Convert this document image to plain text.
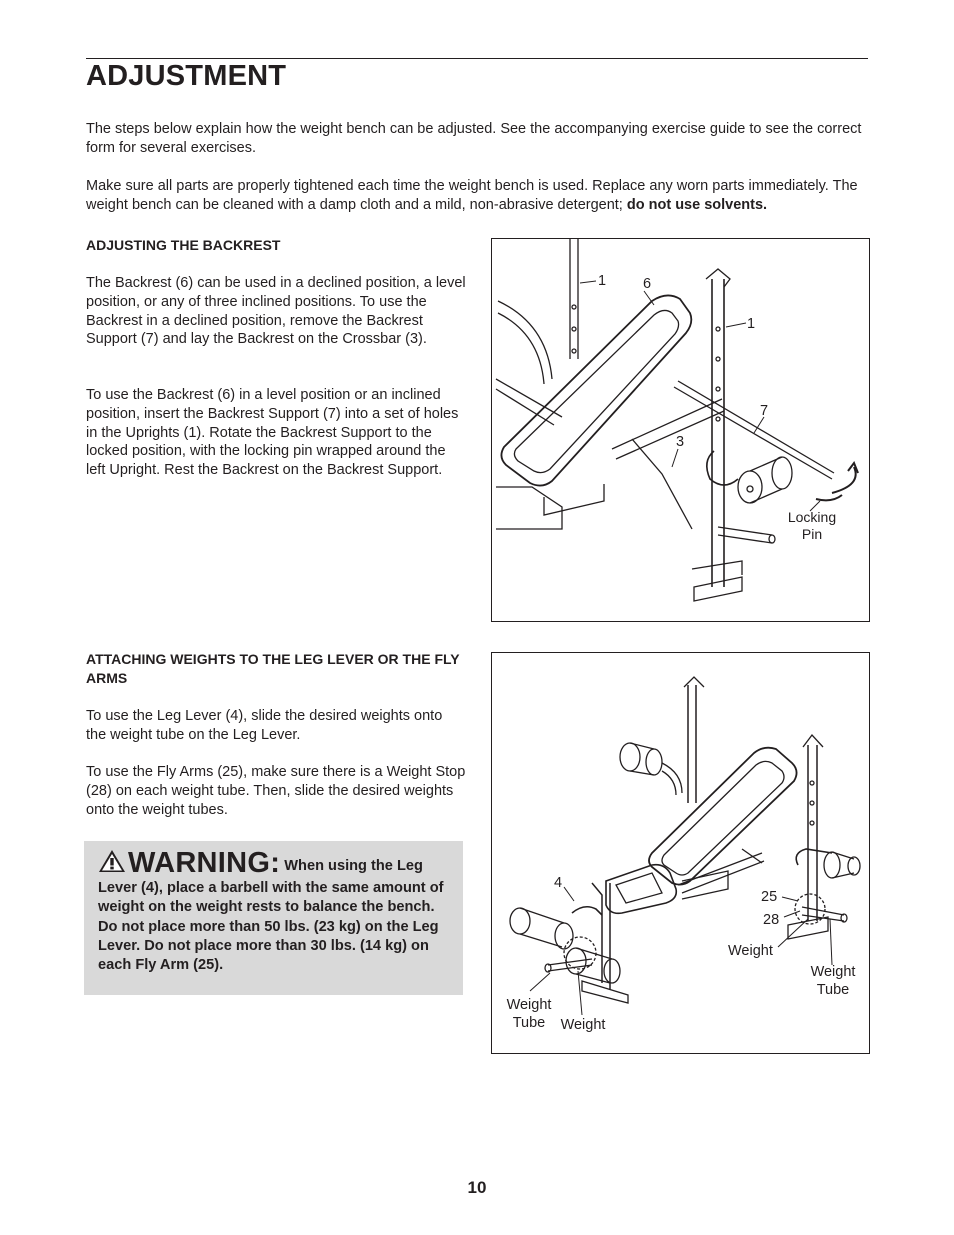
ADJUSTMENT
The steps below explain how the weight bench can be adjusted. See the accompanying exercise guide to see the correct form for several exercises.
Make sure all parts are properly tightened each time the weight bench is used. Replace any worn parts immediately. The weight bench can be cleaned with a damp cloth and a mild, non-abrasive detergent; do not use solvents.
ADJUSTING THE BACKREST
The Backrest (6) can be used in a declined position, a level position, or any of three inclined positions. To use the Backrest in a declined position, remove the Backrest Support (7) and lay the Backrest on the Crossbar (3).
To use the Backrest (6) in a level position or an inclined position, insert the Backrest Support (7) into a set of holes in the Uprights (1). Rotate the Backrest Support to the locked position, with the locking pin wrapped around the left Upright. Rest the Backrest on the Backrest Support.
1	6
1
7
3
Locking
Pin
ATTACHING WEIGHTS TO THE LEG LEVER OR THE FLY ARMS
To use the Leg Lever (4), slide the desired weights onto the weight tube on the Leg Lever.
To use the Fly Arms (25), make sure there is a Weight Stop (28) on each weight tube. Then, slide the desired weights onto the weight tubes.
WARNING: When using the Leg Lever (4), place a barbell with the same amount of weight on the weight rests to balance the bench. Do not place more than 50 lbs. (23 kg) on the Leg Lever. Do not place more than 30 lbs. (14 kg) on each Fly Arm (25).
4
25
28
Weight
Weight
Tube
Weight
Tube Weight
10
